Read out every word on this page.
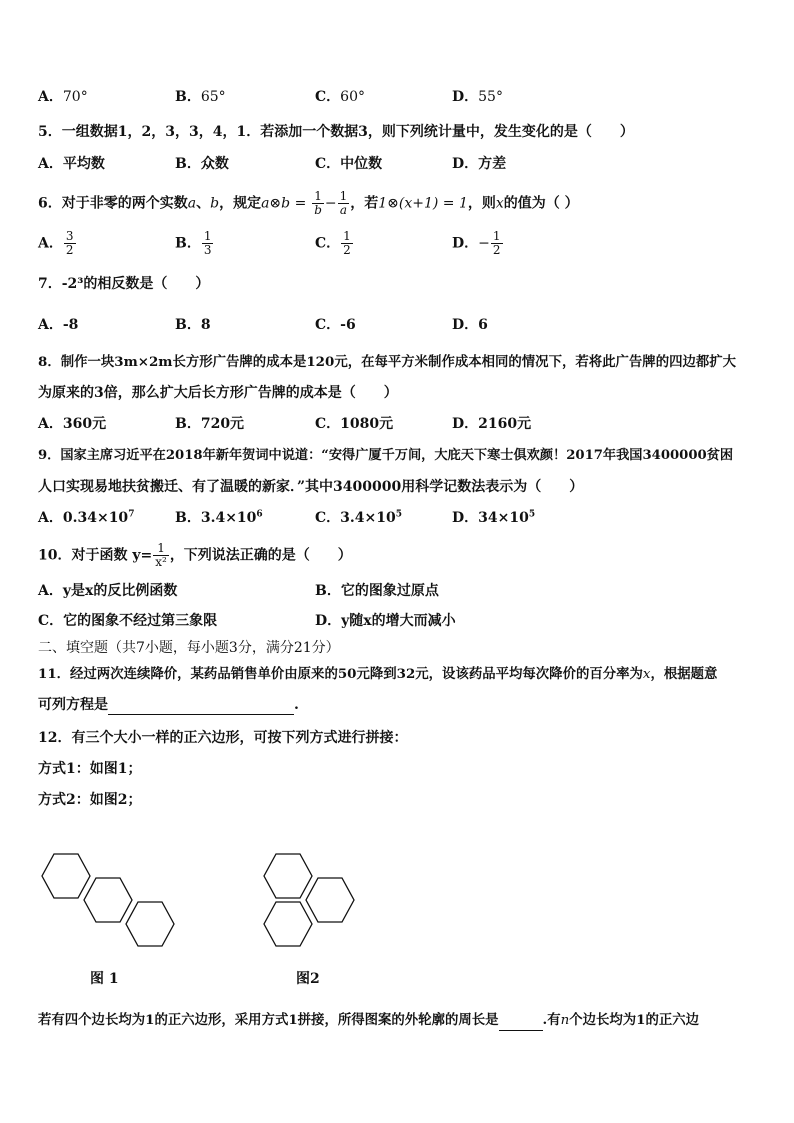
A．70°	B．65°	C．60°	D．55°
5．一组数据1，2，3，3，4，1．若添加一个数据3，则下列统计量中，发生变化的是（　　）
A．平均数	B．众数	C．中位数	D．方差
6．对于非零的两个实数a、b，规定a⊗b = $\frac{1}{b} - \frac{1}{a}$ ，若1⊗(x+1) = 1，则x的值为（ ）
A． $\frac{3}{2}$	B． $\frac{1}{3}$	C． $\frac{1}{2}$	D．− $\frac{1}{2}$
7．-2³的相反数是（　　）
A．-8	B．8	C．-6	D．6
8．制作一块3m×2m长方形广告牌的成本是120元，在每平方米制作成本相同的情况下，若将此广告牌的四边都扩大
为原来的3倍，那么扩大后长方形广告牌的成本是（　　）
A．360元	B．720元	C．1080元	D．2160元
9．国家主席习近平在2018年新年贺词中说道：“安得广厦千万间，大庇天下寒士俱欢颜！2017年我国3400000贫困
人口实现易地扶贫搬迁、有了温暖的新家．”其中3400000用科学记数法表示为（　　）
A．$0.34\times 10^7$	B．$3.4\times 10^6$	C．$3.4\times 10^5$	D．$34\times 10^5$
10．对于函数 $y= \frac{1}{\text{x²}}$ ，下列说法正确的是（　　）
A．y是x的反比例函数	B．它的图象过原点
C．它的图象不经过第三象限	D．y随x的增大而减小
二、填空题（共7小题，每小题3分，满分21分）
11．经过两次连续降价，某药品销售单价由原来的50元降到32元，设该药品平均每次降价的百分率为x，根据题意
可列方程是	.
12．有三个大小一样的正六边形，可按下列方式进行拼接：
方式1：如图1；
方式2：如图2；
图 1	图2
若有四个边长均为1的正六边形，采用方式1拼接，所得图案的外轮廓的周长是	.有n个边长均为1的正六边
